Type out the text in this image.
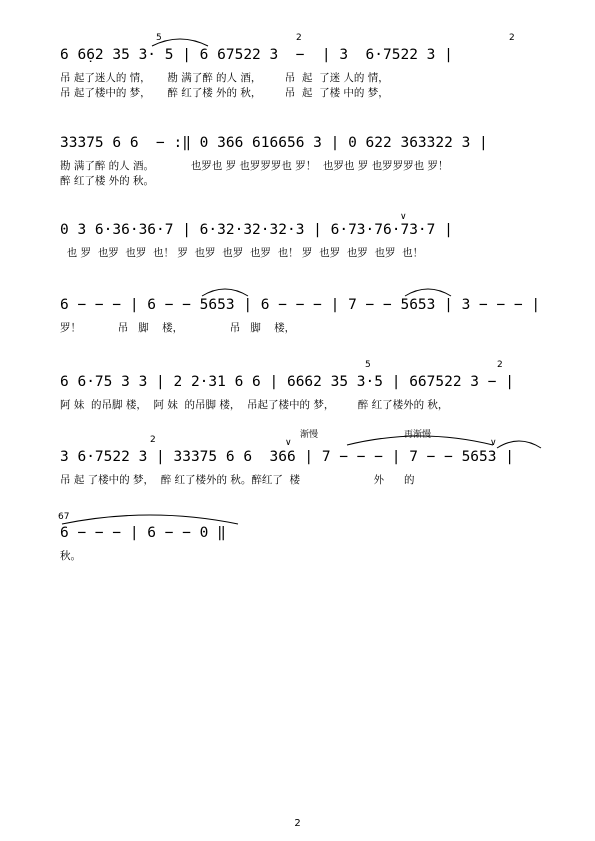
6 6̣62 35 3· 5 | 6 67522 3  −  | 3  6·7522 3 |
吊 起了迷人的 情，     勘 满了醉 的人 酒，       吊  起  了迷 人的 情，
吊 起了楼中的 梦，     醉 红了楼 外的 秋，       吊  起  了楼 中的 梦，
5	2	2
33375 6 6  − :‖ 0 366 616656 3 | 0 622 363322 3 |
勘 满了醉 的人 酒。           也罗也 罗 也罗罗罗也 罗！  也罗也 罗 也罗罗罗也 罗！
醉 红了楼 外的 秋。
0 3 6·36·36·7 | 6·32·32·32·3 | 6·73·76·73·7 |
也 罗  也罗  也罗  也！ 罗  也罗  也罗  也罗  也！ 罗  也罗  也罗  也罗  也！
∨
6 − − − | 6 − − 5653 | 6 − − − | 7 − − 5653 | 3 − − − |
罗！           吊   脚    楼，              吊   脚    楼，
6 6·75 3 3 | 2 2·31 6 6 | 6662 35 3·5 | 667522 3 − |
阿 妹  的吊脚 楼，  阿 妹  的吊脚 楼，  吊起了楼中的 梦，       醉 红了楼外的 秋，
5	2
3 6·7522 3 | 33375 6 6  366 | 7 − − − | 7 − − 5653 |
吊 起 了楼中的 梦，  醉 红了楼外的 秋。醉红了  楼                      外      的
2	渐慢	再渐慢
∨	∨
6 − − − | 6 − − 0 ‖
秋。
67
2
